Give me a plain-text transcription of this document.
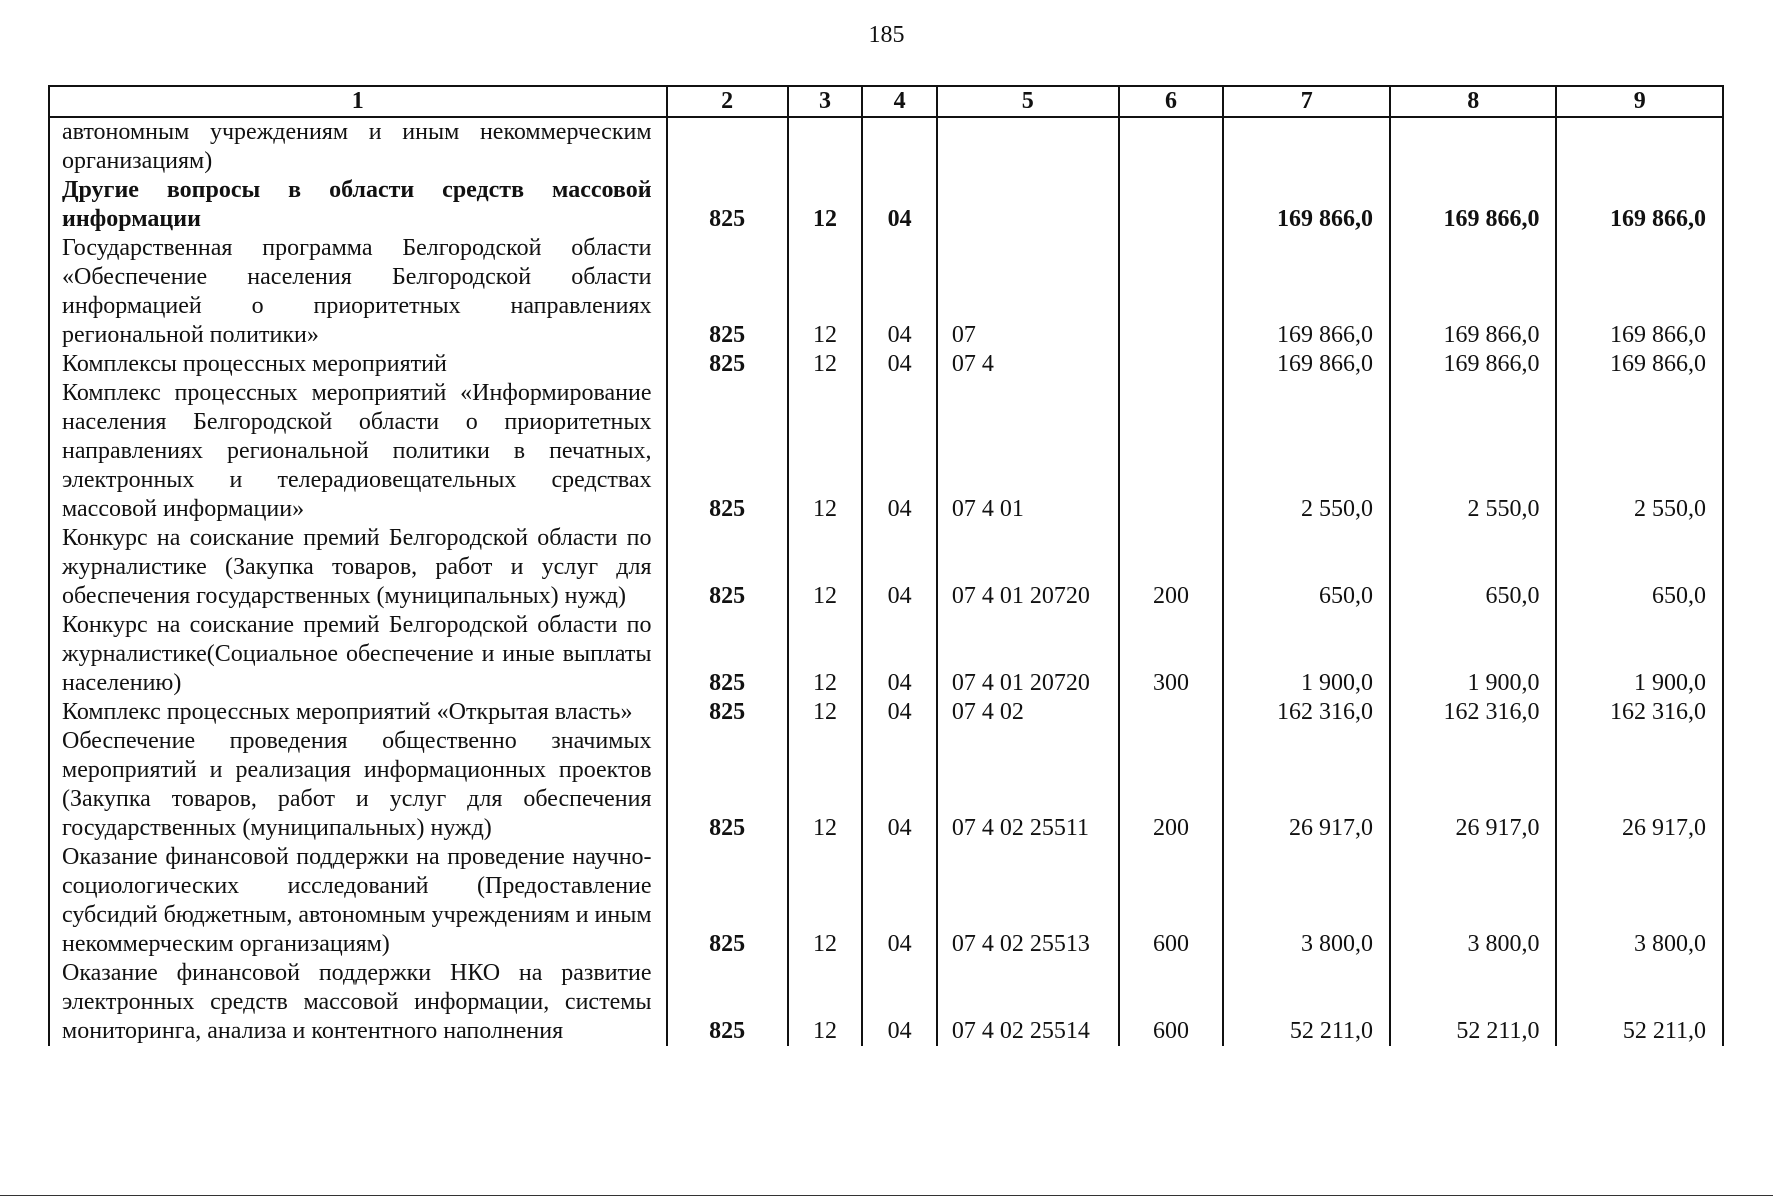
185
1	2	3	4	5	6	7	8	9
автономным учреждениям и иным некоммерческим организациям)								
Другие вопросы в области средств массовой информации	825	12	04			169 866,0	169 866,0	169 866,0
Государственная программа Белгородской области «Обеспечение населения Белгородской области информацией о приоритетных направлениях региональной политики»	825	12	04	07		169 866,0	169 866,0	169 866,0
Комплексы процессных мероприятий	825	12	04	07 4		169 866,0	169 866,0	169 866,0
Комплекс процессных мероприятий «Информирование населения Белгородской области о приоритетных направлениях региональной политики в печатных, электронных и телерадиовещательных средствах массовой информации»	825	12	04	07 4 01		2 550,0	2 550,0	2 550,0
Конкурс на соискание премий Белгородской области по журналистике (Закупка товаров, работ и услуг для обеспечения государственных (муниципальных) нужд)	825	12	04	07 4 01 20720	200	650,0	650,0	650,0
Конкурс на соискание премий Белгородской области по журналистике(Социальное обеспечение и иные выплаты населению)	825	12	04	07 4 01 20720	300	1 900,0	1 900,0	1 900,0
Комплекс процессных мероприятий «Открытая власть»	825	12	04	07 4 02		162 316,0	162 316,0	162 316,0
Обеспечение проведения общественно значимых мероприятий и реализация информационных проектов (Закупка товаров, работ и услуг для обеспечения государственных (муниципальных) нужд)	825	12	04	07 4 02 25511	200	26 917,0	26 917,0	26 917,0
Оказание финансовой поддержки на проведение научно-социологических исследований (Предоставление субсидий бюджетным, автономным учреждениям и иным некоммерческим организациям)	825	12	04	07 4 02 25513	600	3 800,0	3 800,0	3 800,0
Оказание финансовой поддержки НКО на развитие электронных средств массовой информации, системы мониторинга, анализа и контентного наполнения	825	12	04	07 4 02 25514	600	52 211,0	52 211,0	52 211,0
